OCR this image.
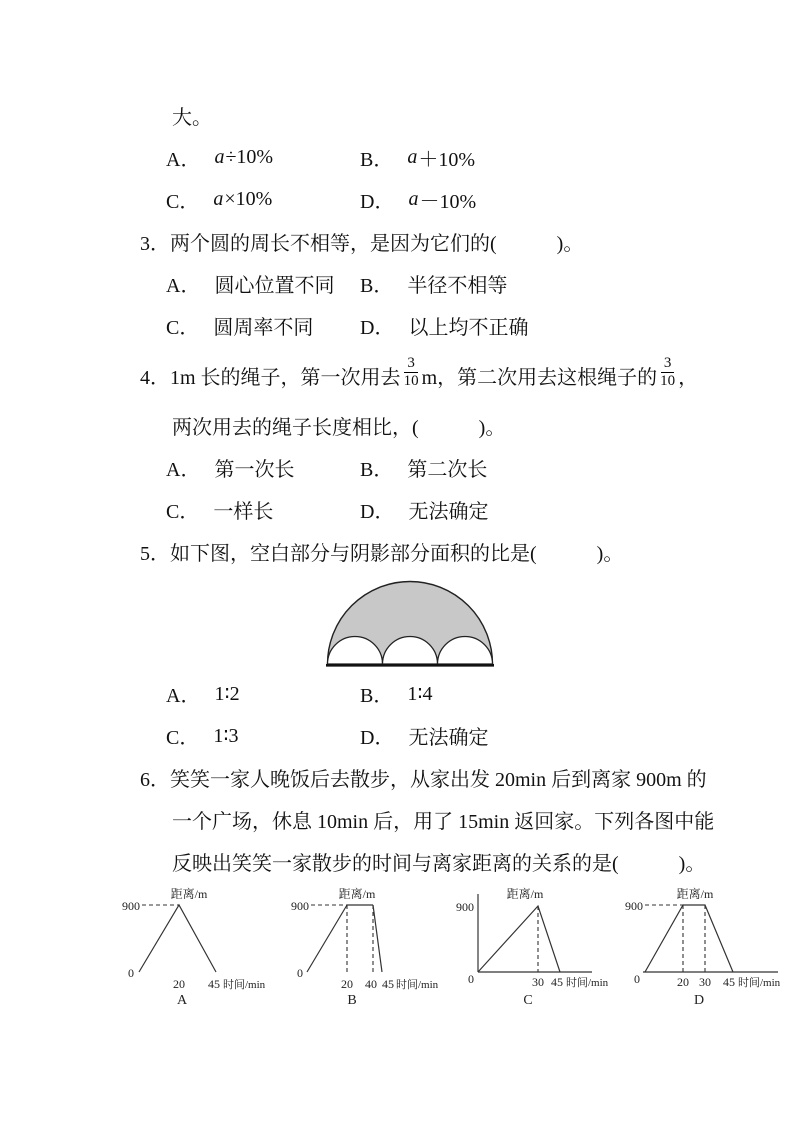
大。
A． a ÷10%	B． a ＋10%
C． a ×10%	D． a －10%
3．两个圆的周长不相等，是因为它们的(　　　)。
A． 圆心位置不同 B． 半径不相等
C． 圆周率不同 D． 以上均不正确
4．1m 长的绳子，第一次用去 $\frac{3}{10}$ m，第二次用去这根绳子的 $\frac{3}{10}$ ，
两次用去的绳子长度相比，(　　　)。
A． 第一次长	B． 第二次长
C． 一样长	D． 无法确定
5．如下图，空白部分与阴影部分面积的比是(　　　)。
A． 1∶2	B． 1∶4
C． 1∶3	D． 无法确定
6．笑笑一家人晚饭后去散步，从家出发 20min 后到离家 900m 的
一个广场，休息 10min 后，用了 15min 返回家。下列各图中能
反映出笑笑一家散步的时间与离家距离的关系的是(　　　)。
距离/m
900
0
20 45 时间/min
A
距离/m
900
0
20 40 45 时间/min
B
距离/m
900
0	30 45 时间/min
C
距离/m
900
0	20 30 45 时间/min
D
